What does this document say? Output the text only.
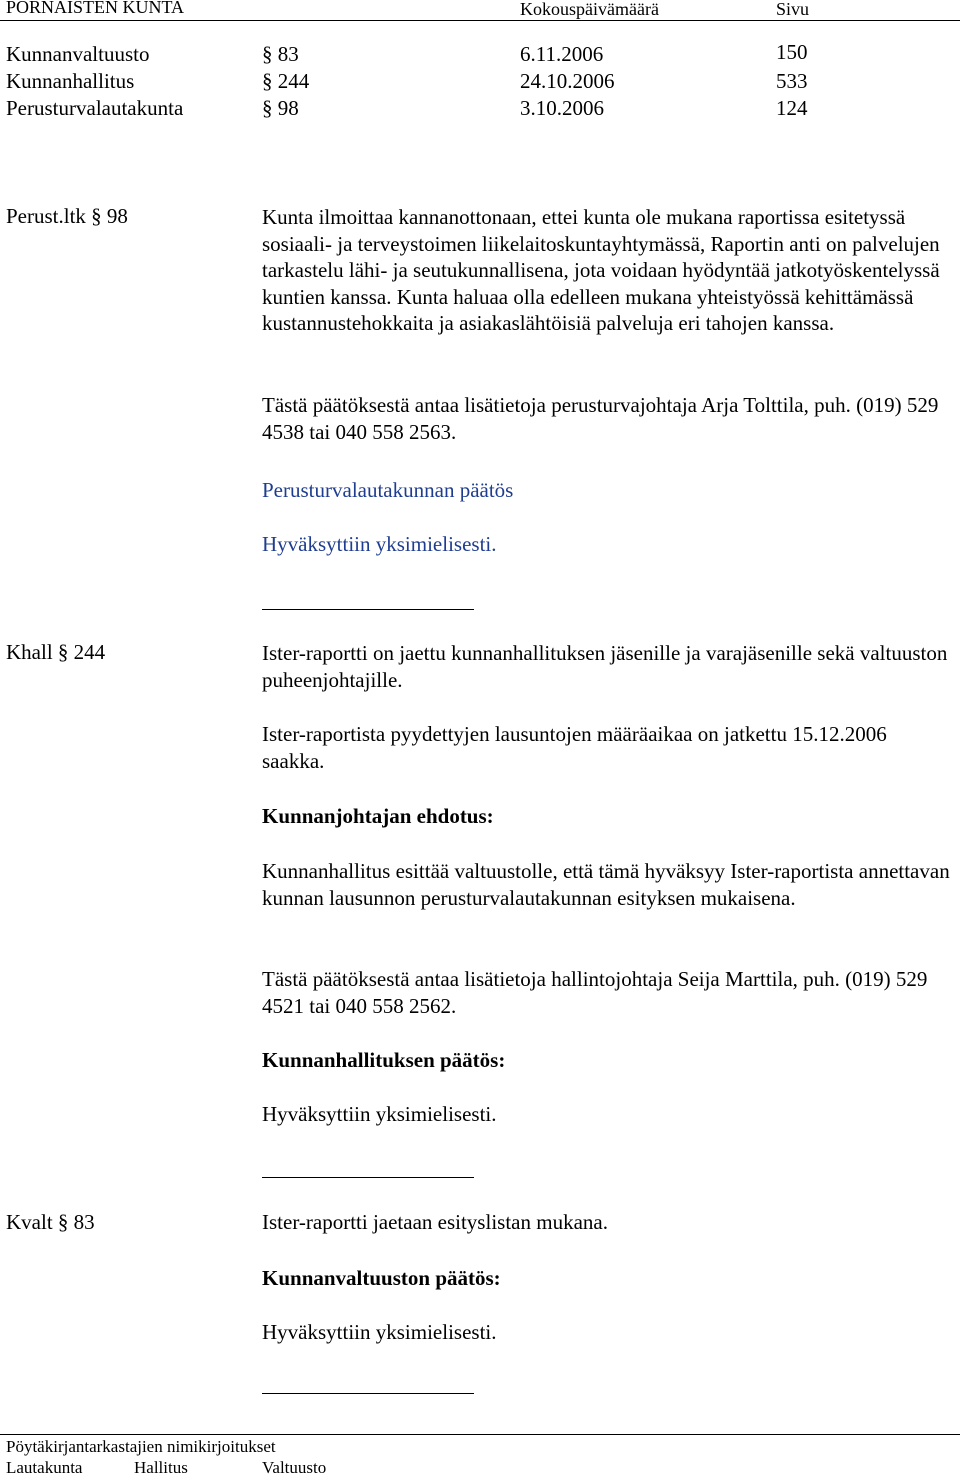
PORNAISTEN KUNTA	Kokouspäivämäärä	Sivu
Kunnanvaltuusto	§ 83	6.11.2006	150
Kunnanhallitus	§ 244	24.10.2006	533
Perusturvalautakunta	§ 98	3.10.2006	124
Perust.ltk § 98	Kunta ilmoittaa kannanottonaan, ettei kunta ole mukana raportissa esitetyssä sosiaali- ja terveystoimen liikelaitoskuntayhtymässä, Raportin anti on palvelujen tarkastelu lähi- ja seutukunnallisena, jota voidaan hyödyntää jatkotyöskentelyssä kuntien kanssa. Kunta haluaa olla edelleen mukana yhteistyössä kehittämässä kustannustehokkaita ja asiakaslähtöisiä palveluja eri tahojen kanssa.

Tästä päätöksestä antaa lisätietoja perusturvajohtaja Arja Tolttila, puh. (019) 529 4538 tai 040 558 2563.

Perusturvalautakunnan päätös
Hyväksyttiin yksimielisesti.
Khall § 244	Ister-raportti on jaettu kunnanhallituksen jäsenille ja varajäsenille sekä valtuuston puheenjohtajille.

Ister-raportista pyydettyjen lausuntojen määräaikaa on jatkettu 15.12.2006 saakka.

Kunnanjohtajan ehdotus:

Kunnanhallitus esittää valtuustolle, että tämä hyväksyy Ister-raportista annettavan kunnan lausunnon perusturvalautakunnan esityksen mukaisena.

Tästä päätöksestä antaa lisätietoja hallintojohtaja Seija Marttila, puh. (019) 529 4521 tai 040 558 2562.

Kunnanhallituksen päätös:
Hyväksyttiin yksimielisesti.
Kvalt § 83	Ister-raportti jaetaan esityslistan mukana.
Kunnanvaltuuston päätös:
Hyväksyttiin yksimielisesti.
Pöytäkirjantarkastajien nimikirjoitukset
Lautakunta	Hallitus	Valtuusto
